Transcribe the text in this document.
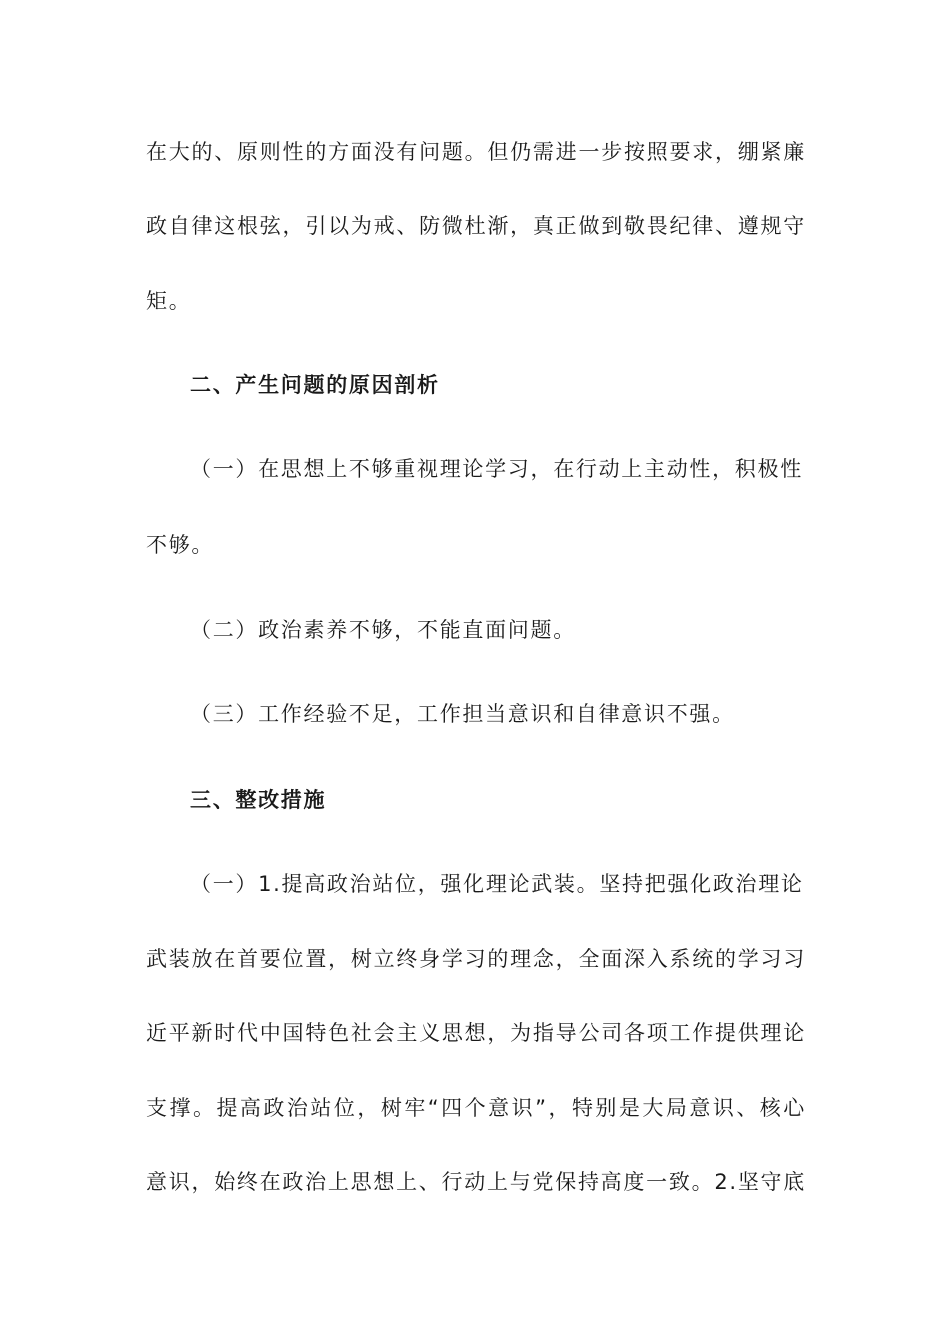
在大的、原则性的方面没有问题。但仍需进一步按照要求，绷紧廉
政自律这根弦，引以为戒、防微杜渐，真正做到敬畏纪律、遵规守
矩。
二、产生问题的原因剖析
（一）在思想上不够重视理论学习，在行动上主动性，积极性
不够。
（二）政治素养不够，不能直面问题。
（三）工作经验不足，工作担当意识和自律意识不强。
三、整改措施
（一）1.提高政治站位，强化理论武装。坚持把强化政治理论
武装放在首要位置，树立终身学习的理念，全面深入系统的学习习
近平新时代中国特色社会主义思想，为指导公司各项工作提供理论
支撑。提高政治站位，树牢“四个意识”，特别是大局意识、核心
意识，始终在政治上思想上、行动上与党保持高度一致。2.坚守底
